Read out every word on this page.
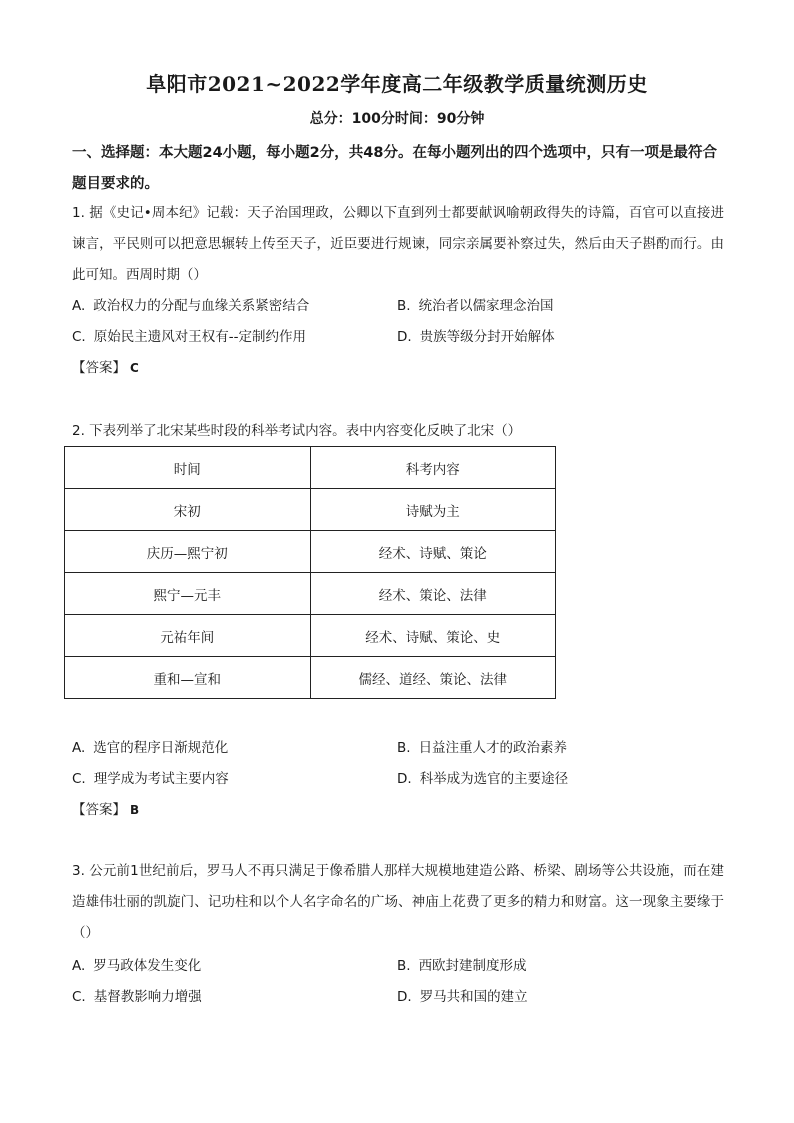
阜阳市2021~2022学年度高二年级教学质量统测历史
总分：100分时间：90分钟
一、选择题：本大题24小题，每小题2分，共48分。在每小题列出的四个选项中，只有一项是最符合题目要求的。
1. 据《史记•周本纪》记载：天子治国理政，公卿以下直到列士都要献讽喻朝政得失的诗篇，百官可以直接进谏言，平民则可以把意思辗转上传至天子，近臣要进行规谏，同宗亲属要补察过失，然后由天子斟酌而行。由此可知。西周时期（）
A. 政治权力的分配与血缘关系紧密结合	B. 统治者以儒家理念治国
C. 原始民主遗风对王权有--定制约作用	D. 贵族等级分封开始解体
【答案】 C
2. 下表列举了北宋某些时段的科举考试内容。表中内容变化反映了北宋（）
时间	科考内容
宋初	诗赋为主
庆历—熙宁初	经术、诗赋、策论
熙宁—元丰	经术、策论、法律
元祐年间	经术、诗赋、策论、史
重和—宣和	儒经、道经、策论、法律
A. 选官的程序日渐规范化	B. 日益注重人才的政治素养
C. 理学成为考试主要内容	D. 科举成为选官的主要途径
【答案】 B
3. 公元前1世纪前后，罗马人不再只满足于像希腊人那样大规模地建造公路、桥梁、剧场等公共设施，而在建造雄伟壮丽的凯旋门、记功柱和以个人名字命名的广场、神庙上花费了更多的精力和财富。这一现象主要缘于（）
A. 罗马政体发生变化	B. 西欧封建制度形成
C. 基督教影响力增强	D. 罗马共和国的建立
